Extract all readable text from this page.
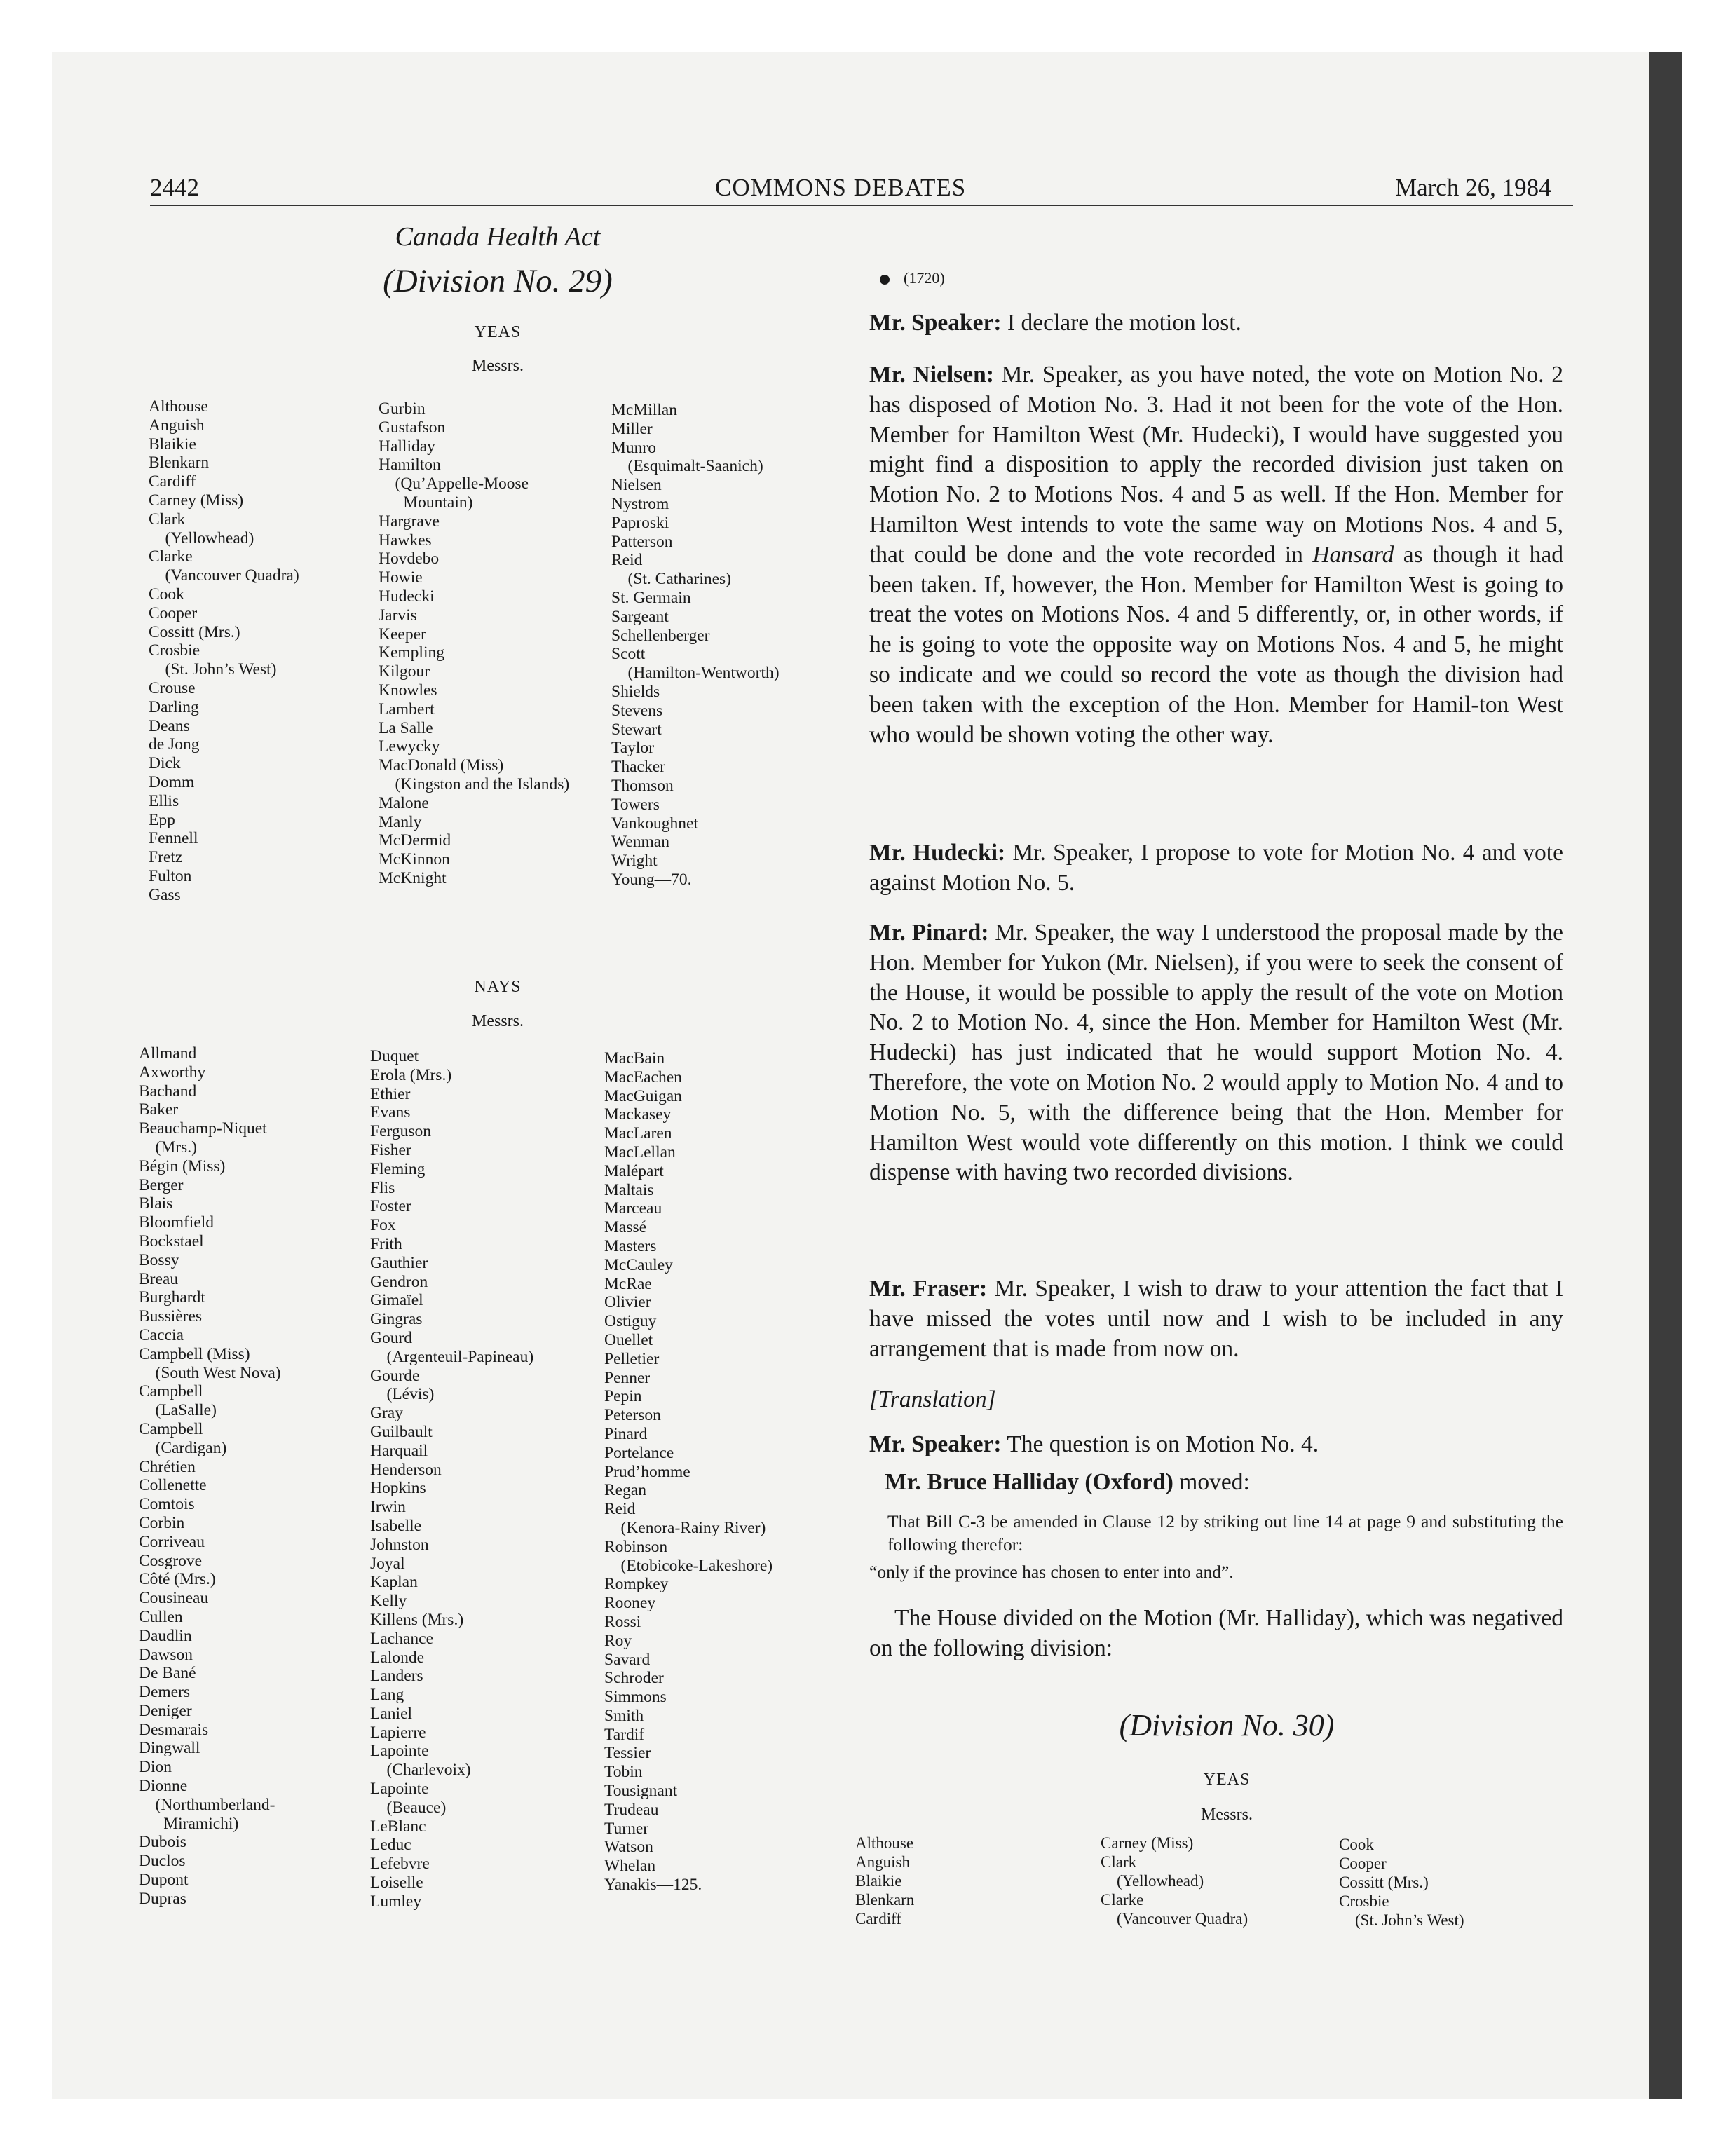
2442	COMMONS DEBATES	March 26, 1984
Canada Health Act
(Division No. 29)
YEAS
Messrs.
Althouse
Anguish
Blaikie
Blenkarn
Cardiff
Carney (Miss)
Clark
(Yellowhead)
Clarke
(Vancouver Quadra)
Cook
Cooper
Cossitt (Mrs.)
Crosbie
(St. John’s West)
Crouse
Darling
Deans
de Jong
Dick
Domm
Ellis
Epp
Fennell
Fretz
Fulton
Gass
Gurbin
Gustafson
Halliday
Hamilton
(Qu’Appelle-Moose
Mountain)
Hargrave
Hawkes
Hovdebo
Howie
Hudecki
Jarvis
Keeper
Kempling
Kilgour
Knowles
Lambert
La Salle
Lewycky
MacDonald (Miss)
(Kingston and the Islands)
Malone
Manly
McDermid
McKinnon
McKnight
McMillan
Miller
Munro
(Esquimalt-Saanich)
Nielsen
Nystrom
Paproski
Patterson
Reid
(St. Catharines)
St. Germain
Sargeant
Schellenberger
Scott
(Hamilton-Wentworth)
Shields
Stevens
Stewart
Taylor
Thacker
Thomson
Towers
Vankoughnet
Wenman
Wright
Young—70.
NAYS
Messrs.
Allmand
Axworthy
Bachand
Baker
Beauchamp-Niquet
(Mrs.)
Bégin (Miss)
Berger
Blais
Bloomfield
Bockstael
Bossy
Breau
Burghardt
Bussières
Caccia
Campbell (Miss)
(South West Nova)
Campbell
(LaSalle)
Campbell
(Cardigan)
Chrétien
Collenette
Comtois
Corbin
Corriveau
Cosgrove
Côté (Mrs.)
Cousineau
Cullen
Daudlin
Dawson
De Bané
Demers
Deniger
Desmarais
Dingwall
Dion
Dionne
(Northumberland-
Miramichi)
Dubois
Duclos
Dupont
Dupras
Duquet
Erola (Mrs.)
Ethier
Evans
Ferguson
Fisher
Fleming
Flis
Foster
Fox
Frith
Gauthier
Gendron
Gimaïel
Gingras
Gourd
(Argenteuil-Papineau)
Gourde
(Lévis)
Gray
Guilbault
Harquail
Henderson
Hopkins
Irwin
Isabelle
Johnston
Joyal
Kaplan
Kelly
Killens (Mrs.)
Lachance
Lalonde
Landers
Lang
Laniel
Lapierre
Lapointe
(Charlevoix)
Lapointe
(Beauce)
LeBlanc
Leduc
Lefebvre
Loiselle
Lumley
MacBain
MacEachen
MacGuigan
Mackasey
MacLaren
MacLellan
Malépart
Maltais
Marceau
Massé
Masters
McCauley
McRae
Olivier
Ostiguy
Ouellet
Pelletier
Penner
Pepin
Peterson
Pinard
Portelance
Prud’homme
Regan
Reid
(Kenora-Rainy River)
Robinson
(Etobicoke-Lakeshore)
Rompkey
Rooney
Rossi
Roy
Savard
Schroder
Simmons
Smith
Tardif
Tessier
Tobin
Tousignant
Trudeau
Turner
Watson
Whelan
Yanakis—125.
(1720)
Mr. Speaker: I declare the motion lost.
Mr. Nielsen: Mr. Speaker, as you have noted, the vote on Motion No. 2 has disposed of Motion No. 3. Had it not been for the vote of the Hon. Member for Hamilton West (Mr. Hudecki), I would have suggested you might find a disposition to apply the recorded division just taken on Motion No. 2 to Motions Nos. 4 and 5 as well. If the Hon. Member for Hamilton West intends to vote the same way on Motions Nos. 4 and 5, that could be done and the vote recorded in Hansard as though it had been taken. If, however, the Hon. Member for Hamilton West is going to treat the votes on Motions Nos. 4 and 5 differently, or, in other words, if he is going to vote the opposite way on Motions Nos. 4 and 5, he might so indicate and we could so record the vote as though the division had been taken with the exception of the Hon. Member for Hamil-ton West who would be shown voting the other way.
Mr. Hudecki: Mr. Speaker, I propose to vote for Motion No. 4 and vote against Motion No. 5.
Mr. Pinard: Mr. Speaker, the way I understood the proposal made by the Hon. Member for Yukon (Mr. Nielsen), if you were to seek the consent of the House, it would be possible to apply the result of the vote on Motion No. 2 to Motion No. 4, since the Hon. Member for Hamilton West (Mr. Hudecki) has just indicated that he would support Motion No. 4. Therefore, the vote on Motion No. 2 would apply to Motion No. 4 and to Motion No. 5, with the difference being that the Hon. Member for Hamilton West would vote differently on this motion. I think we could dispense with having two recorded divisions.
Mr. Fraser: Mr. Speaker, I wish to draw to your attention the fact that I have missed the votes until now and I wish to be included in any arrangement that is made from now on.
[Translation]
Mr. Speaker: The question is on Motion No. 4.
Mr. Bruce Halliday (Oxford) moved:
That Bill C-3 be amended in Clause 12 by striking out line 14 at page 9 and substituting the following therefor:
“only if the province has chosen to enter into and”.
The House divided on the Motion (Mr. Halliday), which was negatived on the following division:
(Division No. 30)
YEAS
Messrs.
Althouse
Anguish
Blaikie
Blenkarn
Cardiff
Carney (Miss)
Clark
(Yellowhead)
Clarke
(Vancouver Quadra)
Cook
Cooper
Cossitt (Mrs.)
Crosbie
(St. John’s West)
